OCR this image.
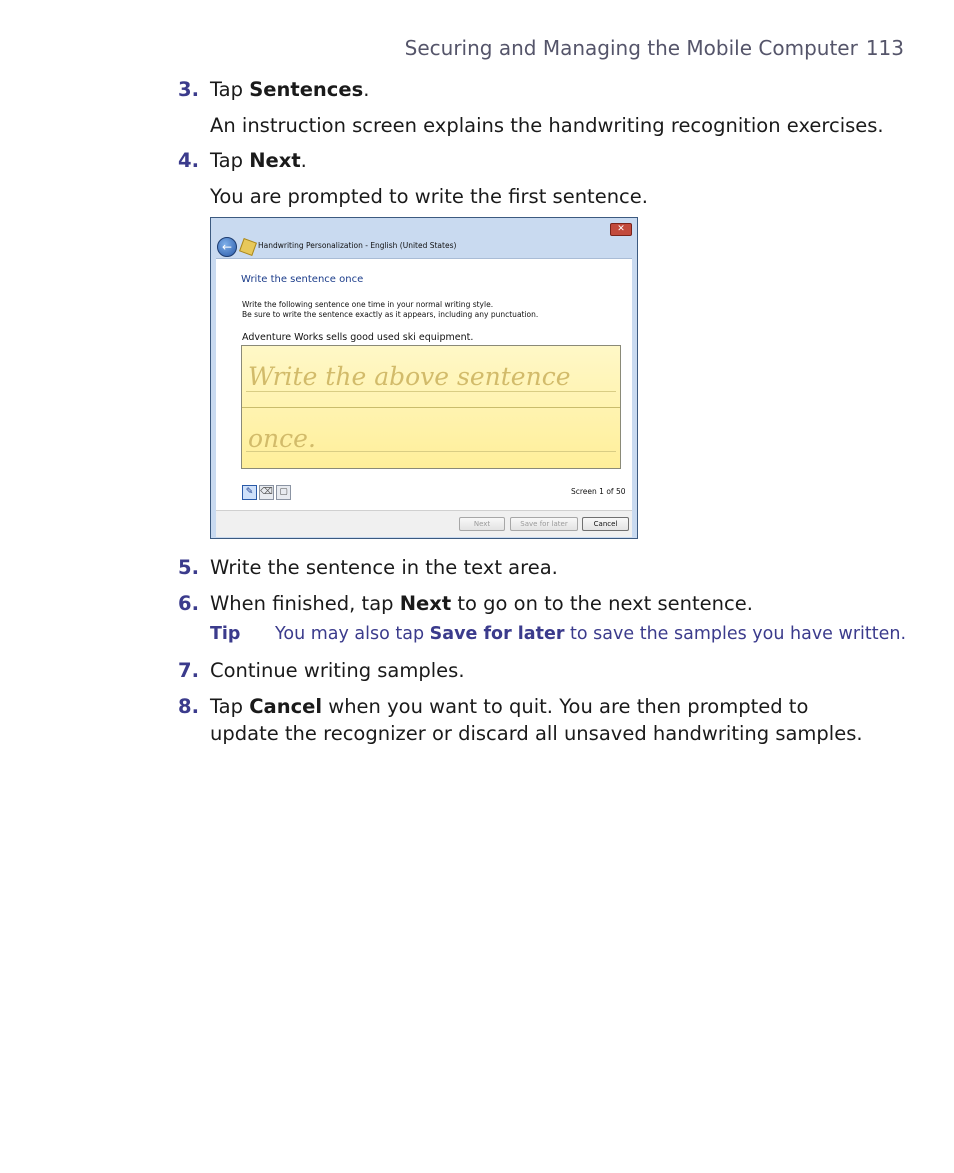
Securing and Managing the Mobile Computer 113
3. Tap Sentences.
An instruction screen explains the handwriting recognition exercises.
4. Tap Next.
You are prompted to write the first sentence.
←	Handwriting Personalization - English (United States)
✕
Write the sentence once
Write the following sentence one time in your normal writing style.
Be sure to write the sentence exactly as it appears, including any punctuation.
Adventure Works sells good used ski equipment.
Write the above sentence
once.
✎ ⌫ ▢	Screen 1 of 50
Next	Save for later	Cancel
5. Write the sentence in the text area.
6. When finished, tap Next to go on to the next sentence.
Tip You may also tap Save for later to save the samples you have written.
7. Continue writing samples.
8. Tap Cancel when you want to quit. You are then prompted to update the recognizer or discard all unsaved handwriting samples.
